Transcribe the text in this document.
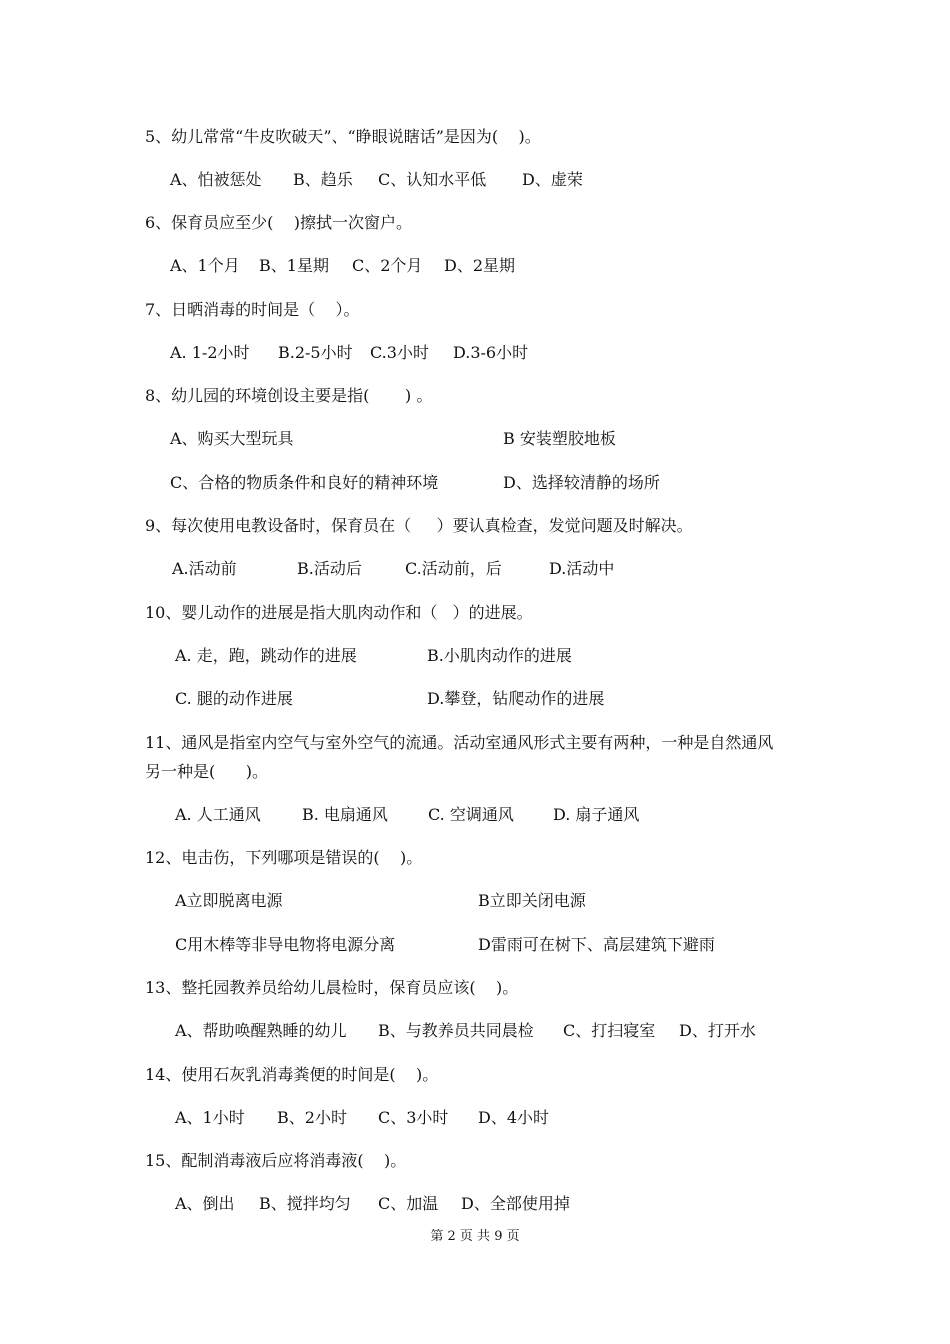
5、幼儿常常“牛皮吹破天”、“睁眼说瞎话”是因为(    )。
A、怕被惩处 B、趋乐 C、认知水平低 D、虚荣
6、保育员应至少(    )擦拭一次窗户。
A、1个月 B、1星期 C、2个月 D、2星期
7、日晒消毒的时间是（    ）。
A. 1-2小时 B.2-5小时 C.3小时 D.3-6小时
8、幼儿园的环境创设主要是指(       ) 。
A、购买大型玩具	B 安装塑胶地板
C、合格的物质条件和良好的精神环境	D、选择较清静的场所
9、每次使用电教设备时，保育员在（     ）要认真检查，发觉问题及时解决。
A.活动前	B.活动后	C.活动前，后	D.活动中
10、婴儿动作的进展是指大肌肉动作和（   ）的进展。
A. 走，跑，跳动作的进展	B.小肌肉动作的进展
C. 腿的动作进展	D.攀登，钻爬动作的进展
11、通风是指室内空气与室外空气的流通。活动室通风形式主要有两种，一种是自然通风
另一种是(      )。
A. 人工通风	B. 电扇通风	C. 空调通风 D. 扇子通风
12、电击伤，下列哪项是错误的(    )。
A立即脱离电源	B立即关闭电源
C用木棒等非导电物将电源分离	D雷雨可在树下、高层建筑下避雨
13、整托园教养员给幼儿晨检时，保育员应该(    )。
A、帮助唤醒熟睡的幼儿 B、与教养员共同晨检 C、打扫寝室 D、打开水
14、使用石灰乳消毒粪便的时间是(    )。
A、1小时 B、2小时 C、3小时 D、4小时
15、配制消毒液后应将消毒液(    )。
A、倒出 B、搅拌均匀 C、加温 D、全部使用掉
第 2 页 共 9 页
